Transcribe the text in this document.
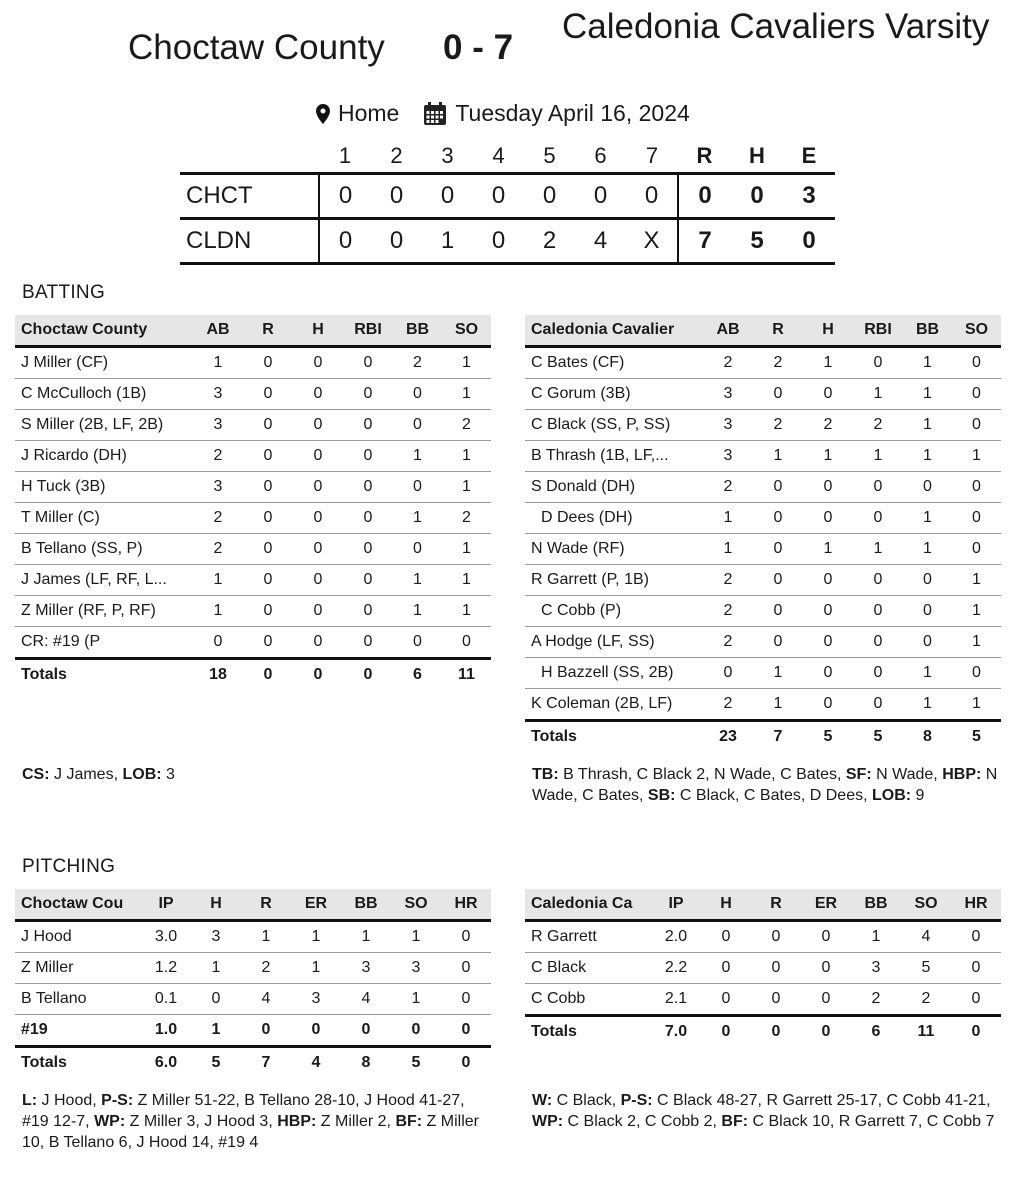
Choctaw County 0 - 7
Caledonia Cavaliers Varsity
Home Tuesday April 16, 2024
	1	2	3	4	5	6	7	R	H	E
CHCT	0	0	0	0	0	0	0	0	0	3
CLDN	0	0	1	0	2	4	X	7	5	0
BATTING
Choctaw County	AB	R	H	RBI	BB	SO
J Miller (CF)	1	0	0	0	2	1
C McCulloch (1B)	3	0	0	0	0	1
S Miller (2B, LF, 2B)	3	0	0	0	0	2
J Ricardo (DH)	2	0	0	0	1	1
H Tuck (3B)	3	0	0	0	0	1
T Miller (C)	2	0	0	0	1	2
B Tellano (SS, P)	2	0	0	0	0	1
J James (LF, RF, L...	1	0	0	0	1	1
Z Miller (RF, P, RF)	1	0	0	0	1	1
CR: #19 (P	0	0	0	0	0	0
Totals	18	0	0	0	6	11
Caledonia Cavalier	AB	R	H	RBI	BB	SO
C Bates (CF)	2	2	1	0	1	0
C Gorum (3B)	3	0	0	1	1	0
C Black (SS, P, SS)	3	2	2	2	1	0
B Thrash (1B, LF,...	3	1	1	1	1	1
S Donald (DH)	2	0	0	0	0	0
D Dees (DH)	1	0	0	0	1	0
N Wade (RF)	1	0	1	1	1	0
R Garrett (P, 1B)	2	0	0	0	0	1
C Cobb (P)	2	0	0	0	0	1
A Hodge (LF, SS)	2	0	0	0	0	1
H Bazzell (SS, 2B)	0	1	0	0	1	0
K Coleman (2B, LF)	2	1	0	0	1	1
Totals	23	7	5	5	8	5
CS: J James, LOB: 3	TB: B Thrash, C Black 2, N Wade, C Bates, SF: N Wade, HBP: N Wade, C Bates, SB: C Black, C Bates, D Dees, LOB: 9
PITCHING
Choctaw Cou	IP	H	R	ER	BB	SO	HR
J Hood	3.0	3	1	1	1	1	0
Z Miller	1.2	1	2	1	3	3	0
B Tellano	0.1	0	4	3	4	1	0
#19	1.0	1	0	0	0	0	0
Totals	6.0	5	7	4	8	5	0
Caledonia Ca	IP	H	R	ER	BB	SO	HR
R Garrett	2.0	0	0	0	1	4	0
C Black	2.2	0	0	0	3	5	0
C Cobb	2.1	0	0	0	2	2	0
Totals	7.0	0	0	0	6	11	0
L: J Hood, P-S: Z Miller 51-22, B Tellano 28-10, J Hood 41-27, #19 12-7, WP: Z Miller 3, J Hood 3, HBP: Z Miller 2, BF: Z Miller 10, B Tellano 6, J Hood 14, #19 4
W: C Black, P-S: C Black 48-27, R Garrett 25-17, C Cobb 41-21, WP: C Black 2, C Cobb 2, BF: C Black 10, R Garrett 7, C Cobb 7
